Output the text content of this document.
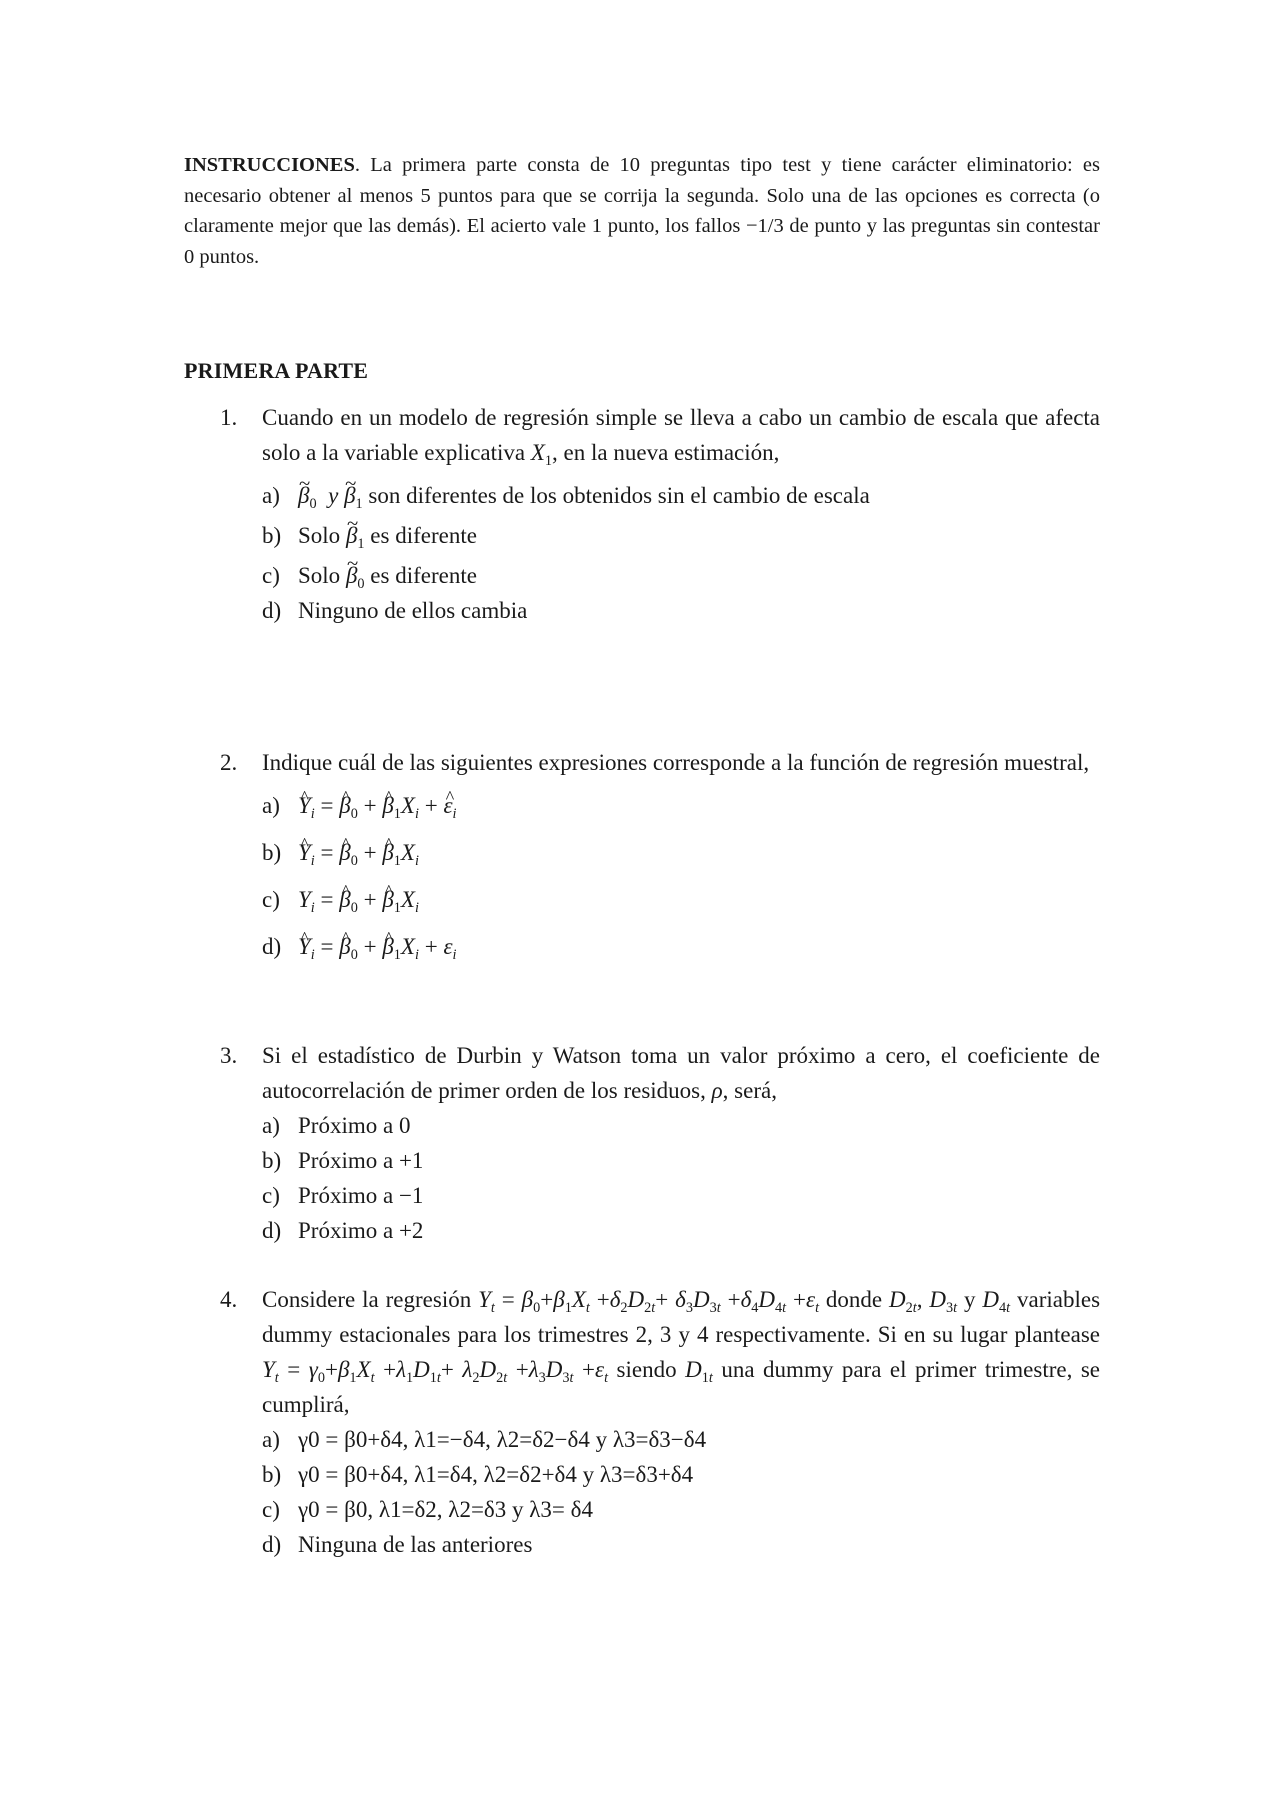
INSTRUCCIONES. La primera parte consta de 10 preguntas tipo test y tiene carácter eliminatorio: es necesario obtener al menos 5 puntos para que se corrija la segunda. Solo una de las opciones es correcta (o claramente mejor que las demás). El acierto vale 1 punto, los fallos −1/3 de punto y las preguntas sin contestar 0 puntos.

PRIMERA PARTE
1. Cuando en un modelo de regresión simple se lleva a cabo un cambio de escala que afecta solo a la variable explicativa $X_1$, en la nueva estimación,
a) ~ $\beta_0$ y ~ $\beta_1$ son diferentes de los obtenidos sin el cambio de escala
b) Solo ~ $\beta_1$ es diferente
c) Solo ~ $\beta_0$ es diferente
d) Ninguno de ellos cambia
2. Indique cuál de las siguientes expresiones corresponde a la función de regresión muestral,
a) ^ $Y_i$ = ^ $\beta_0$ + ^ $\beta_1X_i$ + ^ $\varepsilon_i$
b) ^ $Y_i$ = ^ $\beta_0$ + ^ $\beta_1X_i$
c) $Y_i$ = ^ $\beta_0$ + ^ $\beta_1X_i$
d) ^ $Y_i$ = ^ $\beta_0$ + ^ $\beta_1X_i + \varepsilon_i$
3. Si el estadístico de Durbin y Watson toma un valor próximo a cero, el coeficiente de autocorrelación de primer orden de los residuos, ρ, será,
a) Próximo a 0
b) Próximo a +1
c) Próximo a −1
d) Próximo a +2
4. Considere la regresión $Y_t = \beta_0+\beta_1X_t +\delta_2D_{2t}+ \delta_3D_{3t} +\delta_4D_{4t} +\varepsilon_t$ donde $D_{2t}$, $D_{3t}$ y $D_{4t}$ variables dummy estacionales para los trimestres 2, 3 y 4 respectivamente. Si en su lugar plantease $Y_t = \gamma_0+\beta_1X_t +\lambda_1D_{1t}+ \lambda_2D_{2t} +\lambda_3D_{3t} +\varepsilon_t$ siendo $D_{1t}$ una dummy para el primer trimestre, se cumplirá,
a) γ0 = β0+δ4, λ1=−δ4, λ2=δ2−δ4 y λ3=δ3−δ4
b) γ0 = β0+δ4, λ1=δ4, λ2=δ2+δ4 y λ3=δ3+δ4
c) γ0 = β0, λ1=δ2, λ2=δ3 y λ3= δ4
d) Ninguna de las anteriores
